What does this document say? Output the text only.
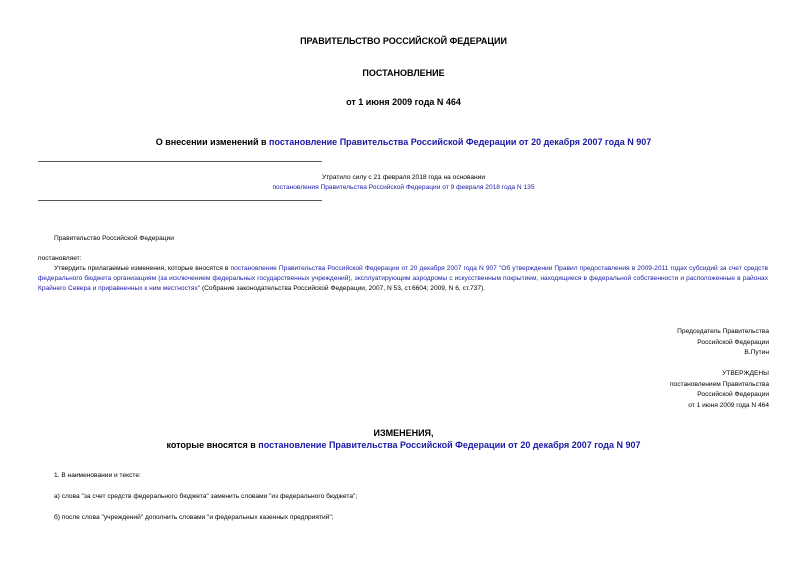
ПРАВИТЕЛЬСТВО РОССИЙСКОЙ ФЕДЕРАЦИИ
ПОСТАНОВЛЕНИЕ
от 1 июня 2009 года N 464
О внесении изменений в постановление Правительства Российской Федерации от 20 декабря 2007 года N 907
Утратило силу с 21 февраля 2018 года на основании
постановления Правительства Российской Федерации от 9 февраля 2018 года N 135
Правительство Российской Федерации
постановляет:
Утвердить прилагаемые изменения, которые вносятся в постановление Правительства Российской Федерации от 20 декабря 2007 года N 907 "Об утверждении Правил предоставления в 2009-2011 годах субсидий за счет средств федерального бюджета организациям (за исключением федеральных государственных учреждений), эксплуатирующим аэродромы с искусственным покрытием, находящиеся в федеральной собственности и расположенные в районах Крайнего Севера и приравненных к ним местностях" (Собрание законодательства Российской Федерации, 2007, N 53, ст.6604; 2009, N 6, ст.737).
Председатель Правительства
Российской Федерации
В.Путин
УТВЕРЖДЕНЫ
постановлением Правительства
Российской Федерации
от 1 июня 2009 года N 464
ИЗМЕНЕНИЯ,
которые вносятся в постановление Правительства Российской Федерации от 20 декабря 2007 года N 907
1. В наименовании и тексте:
а) слова "за счет средств федерального бюджета" заменить словами "из федерального бюджета";
б) после слова "учреждений" дополнить словами "и федеральных казенных предприятий";
